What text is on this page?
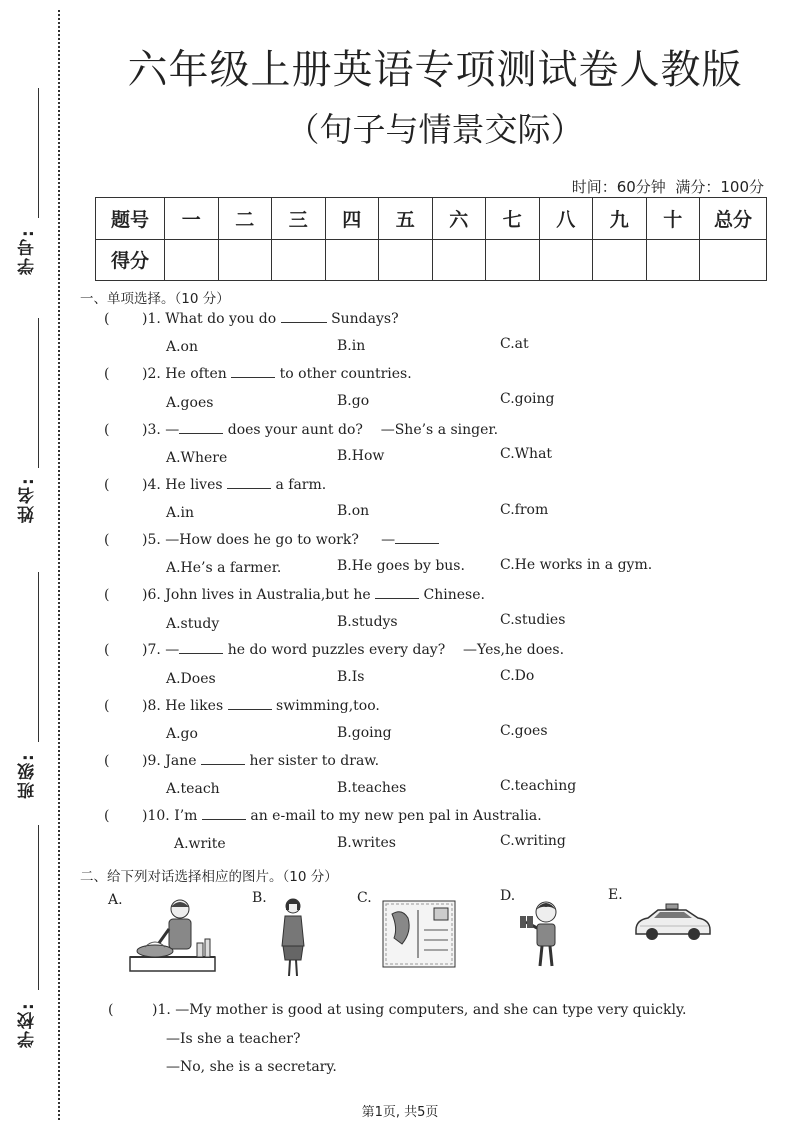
学号:
姓名:
班级:
学校:
六年级上册英语专项测试卷人教版
（句子与情景交际）
时间：60分钟 满分：100分
题号	一	二	三	四	五	六	七	八	九	十	总分
得分											
一、单项选择。（10 分）
( )1. What do you do	Sundays?
A.on	B.in	C.at
( )2. He often	to other countries.
A.goes	B.go	C.going
( )3. —	does your aunt do? —She’s a singer.
A.Where	B.How	C.What
( )4. He lives	a farm.
A.in	B.on	C.from
( )5. —How does he go to work? —
A.He’s a farmer.	B.He goes by bus.	C.He works in a gym.
( )6. John lives in Australia,but he	Chinese.
A.study	B.studys	C.studies
( )7. —	he do word puzzles every day? —Yes,he does.
A.Does	B.Is	C.Do
( )8. He likes	swimming,too.
A.go	B.going	C.goes
( )9. Jane	her sister to draw.
A.teach	B.teaches	C.teaching
( )10. I’m	an e-mail to my new pen pal in Australia.
A.write	B.writes	C.writing
二、给下列对话选择相应的图片。（10 分）
A.	B.	C.	D.	E.
(	)1. —My mother is good at using computers, and she can type very quickly.
—Is she a teacher?
—No, she is a secretary.
第1页, 共5页
